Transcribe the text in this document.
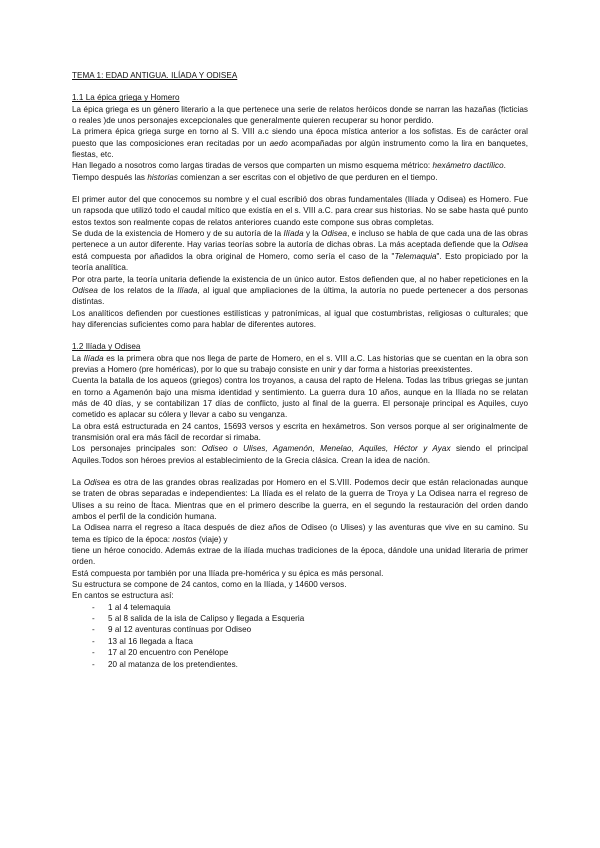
TEMA 1: EDAD ANTIGUA. ILÍADA Y ODISEA

1.1 La épica griega y Homero

La épica griega es un género literario a la que pertenece una serie de relatos heróicos donde se narran las hazañas (ficticias o reales )de unos personajes excepcionales que generalmente quieren recuperar su honor perdido.

La primera épica griega surge en torno al S. VIII a.c siendo una época mística anterior a los sofistas. Es de carácter oral puesto que las composiciones eran recitadas por un aedo acompañadas por algún instrumento como la lira en banquetes, fiestas, etc.

Han llegado a nosotros como largas tiradas de versos que comparten un mismo esquema métrico: hexámetro dactílico.

Tiempo después las historias comienzan a ser escritas con el objetivo de que perduren en el tiempo.

El primer autor del que conocemos su nombre y el cual escribió dos obras fundamentales (Ilíada y Odisea) es Homero. Fue un rapsoda que utilizó todo el caudal mítico que existía en el s. VIII a.C. para crear sus historias. No se sabe hasta qué punto estos textos son realmente copas de relatos anteriores cuando este compone sus obras completas.

Se duda de la existencia de Homero y de su autoría de la Ilíada y la Odisea, e incluso se habla de que cada una de las obras pertenece a un autor diferente. Hay varias teorías sobre la autoría de dichas obras. La más aceptada defiende que la Odisea está compuesta por añadidos la obra original de Homero, como sería el caso de la "Telemaquia". Esto propiciado por la teoría analítica.

Por otra parte, la teoría unitaria defiende la existencia de un único autor. Estos defienden que, al no haber repeticiones en la Odisea de los relatos de la Ilíada, al igual que ampliaciones de la última, la autoría no puede pertenecer a dos personas distintas.

Los analíticos defienden por cuestiones estilísticas y patronímicas, al igual que costumbristas, religiosas o culturales; que hay diferencias suficientes como para hablar de diferentes autores.

1.2 Ilíada y Odisea

La Ilíada es la primera obra que nos llega de parte de Homero, en el s. VIII a.C. Las historias que se cuentan en la obra son previas a Homero (pre homéricas), por lo que su trabajo consiste en unir y dar forma a historias preexistentes.

Cuenta la batalla de los aqueos (griegos) contra los troyanos, a causa del rapto de Helena. Todas las tribus griegas se juntan en torno a Agamenón bajo una misma identidad y sentimiento. La guerra dura 10 años, aunque en la Ilíada no se relatan más de 40 días, y se contabilizan 17 días de conflicto, justo al final de la guerra. El personaje principal es Aquiles, cuyo cometido es aplacar su cólera y llevar a cabo su venganza.

La obra está estructurada en 24 cantos, 15693 versos y escrita en hexámetros. Son versos porque al ser originalmente de transmisión oral era más fácil de recordar si rimaba.

Los personajes principales son: Odiseo o Ulises, Agamenón, Menelao, Aquiles, Héctor y Ayax siendo el principal Aquiles.Todos son héroes previos al establecimiento de la Grecia clásica. Crean la idea de nación.

La Odisea es otra de las grandes obras realizadas por Homero en el S.VIII. Podemos decir que están relacionadas aunque se traten de obras separadas e independientes: La Ilíada es el relato de la guerra de Troya y La Odisea narra el regreso de Ulises a su reino de Ítaca. Mientras que en el primero describe la guerra, en el segundo la restauración del orden dando ambos el perfil de la condición humana.

La Odisea narra el regreso a ítaca después de diez años de Odiseo (o Ulises) y las aventuras que vive en su camino. Su tema es típico de la época: nostos (viaje) y

tiene un héroe conocido. Además extrae de la ilíada muchas tradiciones de la época, dándole una unidad literaria de primer orden.

Está compuesta por también por una Ilíada pre-homérica y su épica es más personal.

Su estructura se compone de 24 cantos, como en la Ilíada, y 14600 versos.

En cantos se estructura así:

- 1 al 4 telemaquia
- 5 al 8 salida de la isla de Calipso y llegada a Esqueria
- 9 al 12 aventuras contínuas por Odiseo
- 13 al 16 llegada a Ítaca
- 17 al 20 encuentro con Penélope
- 20 al matanza de los pretendientes.
